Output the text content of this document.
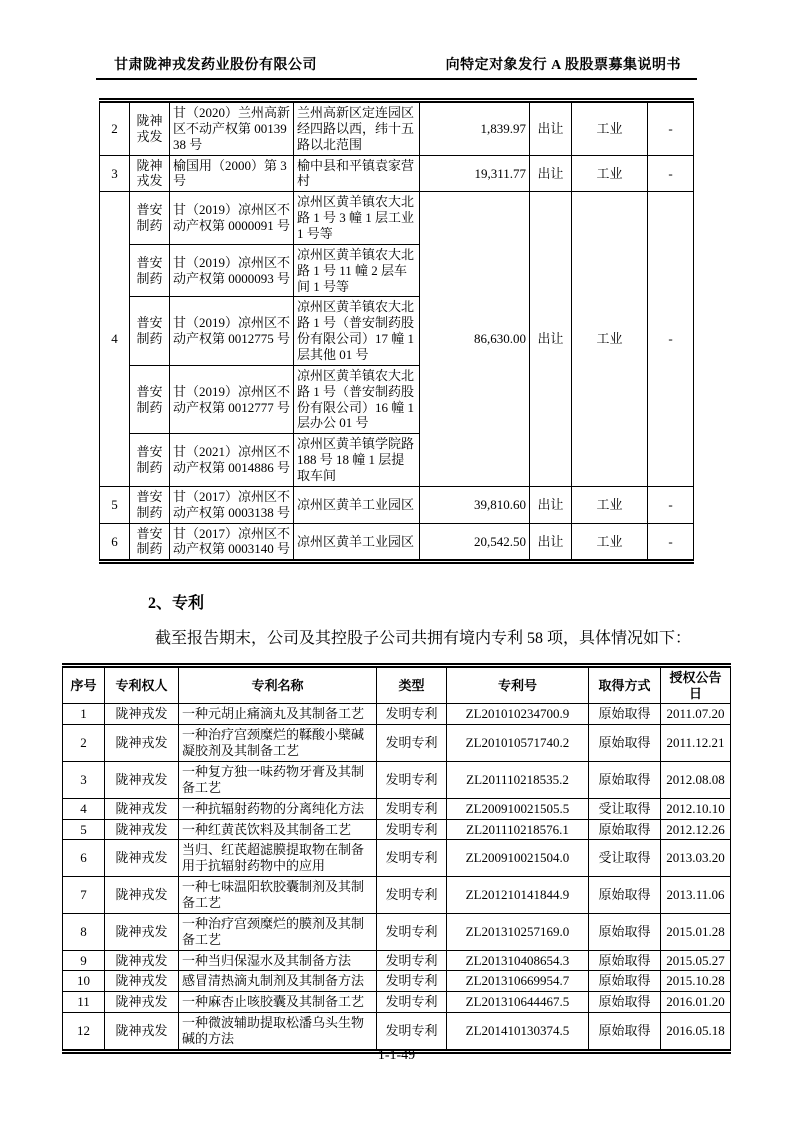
甘肃陇神戎发药业股份有限公司	向特定对象发行 A 股股票募集说明书
2	陇神戎发	甘（2020）兰州高新区不动产权第 0013938 号	兰州高新区定连园区经四路以西，纬十五路以北范围	1,839.97	出让	工业	-
3	陇神戎发	榆国用（2000）第 3 号	榆中县和平镇袁家营村	19,311.77	出让	工业	-
4	普安制药	甘（2019）凉州区不动产权第 0000091 号	凉州区黄羊镇农大北路 1 号 3 幢 1 层工业 1 号等	86,630.00	出让	工业	-
	普安制药	甘（2019）凉州区不动产权第 0000093 号	凉州区黄羊镇农大北路 1 号 11 幢 2 层车间 1 号等				
	普安制药	甘（2019）凉州区不动产权第 0012775 号	凉州区黄羊镇农大北路 1 号（普安制药股份有限公司）17 幢 1 层其他 01 号				
	普安制药	甘（2019）凉州区不动产权第 0012777 号	凉州区黄羊镇农大北路 1 号（普安制药股份有限公司）16 幢 1 层办公 01 号				
	普安制药	甘（2021）凉州区不动产权第 0014886 号	凉州区黄羊镇学院路 188 号 18 幢 1 层提取车间				
5	普安制药	甘（2017）凉州区不动产权第 0003138 号	凉州区黄羊工业园区	39,810.60	出让	工业	-
6	普安制药	甘（2017）凉州区不动产权第 0003140 号	凉州区黄羊工业园区	20,542.50	出让	工业	-
2、专利
截至报告期末，公司及其控股子公司共拥有境内专利 58 项，具体情况如下：
序号	专利权人	专利名称	类型	专利号	取得方式	授权公告日
1	陇神戎发	一种元胡止痛滴丸及其制备工艺	发明专利	ZL201010234700.9	原始取得	2011.07.20
2	陇神戎发	一种治疗宫颈糜烂的鞣酸小檗碱凝胶剂及其制备工艺	发明专利	ZL201010571740.2	原始取得	2011.12.21
3	陇神戎发	一种复方独一味药物牙膏及其制备工艺	发明专利	ZL201110218535.2	原始取得	2012.08.08
4	陇神戎发	一种抗辐射药物的分离纯化方法	发明专利	ZL200910021505.5	受让取得	2012.10.10
5	陇神戎发	一种红黄芪饮料及其制备工艺	发明专利	ZL201110218576.1	原始取得	2012.12.26
6	陇神戎发	当归、红芪超滤膜提取物在制备用于抗辐射药物中的应用	发明专利	ZL200910021504.0	受让取得	2013.03.20
7	陇神戎发	一种七味温阳软胶囊制剂及其制备工艺	发明专利	ZL201210141844.9	原始取得	2013.11.06
8	陇神戎发	一种治疗宫颈糜烂的膜剂及其制备工艺	发明专利	ZL201310257169.0	原始取得	2015.01.28
9	陇神戎发	一种当归保湿水及其制备方法	发明专利	ZL201310408654.3	原始取得	2015.05.27
10	陇神戎发	感冒清热滴丸制剂及其制备方法	发明专利	ZL201310669954.7	原始取得	2015.10.28
11	陇神戎发	一种麻杏止咳胶囊及其制备工艺	发明专利	ZL201310644467.5	原始取得	2016.01.20
12	陇神戎发	一种微波辅助提取松潘乌头生物碱的方法	发明专利	ZL201410130374.5	原始取得	2016.05.18
1-1-49
